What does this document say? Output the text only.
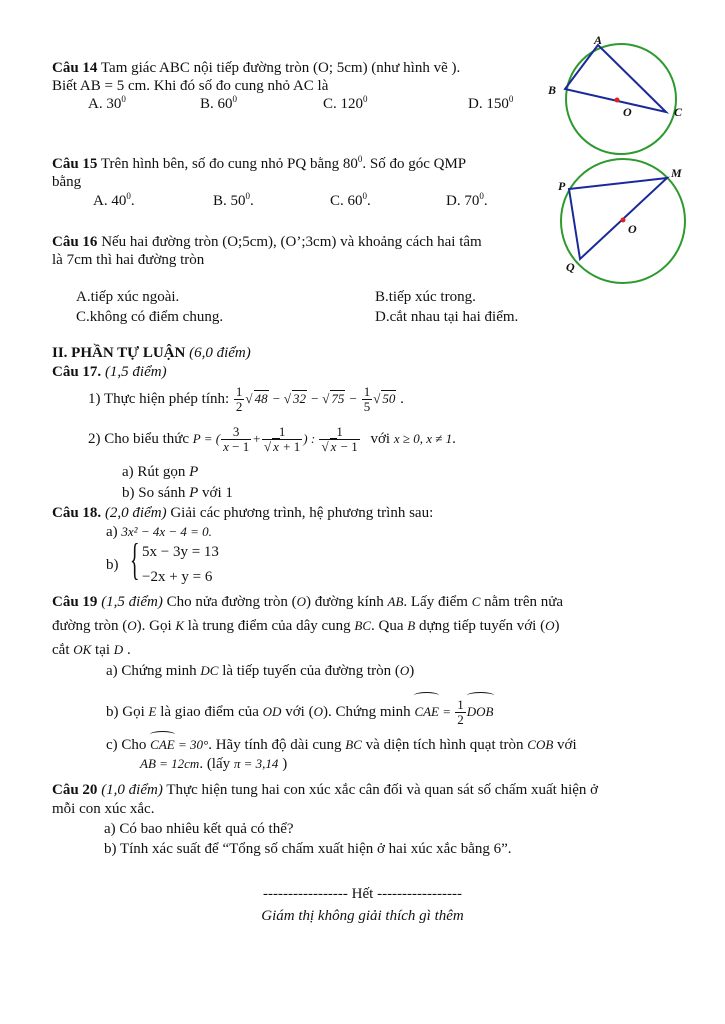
A
B
O	C
P
M
O
Q
Câu 14 Tam giác ABC nội tiếp đường tròn (O; 5cm) (như hình vẽ ).
Biết AB = 5 cm. Khi đó số đo cung nhỏ AC là
A. $30^0$	B. $60^0$	C. $120^0$	D. $150^0$
Câu 15 Trên hình bên, số đo cung nhỏ PQ bằng $80^0$. Số đo góc QMP
bằng
A. $40^0$.	B. $50^0$.	C. $60^0$.	D. $70^0$.
Câu 16 Nếu hai đường tròn (O;5cm), (O’;3cm) và khoảng cách hai tâm
là 7cm thì hai đường tròn
A.tiếp xúc ngoài.	B.tiếp xúc trong.
C.không có điểm chung.	D.cắt nhau tại hai điểm.
II. PHẦN TỰ LUẬN (6,0 điểm)
Câu 17. (1,5 điểm)
1) Thực hiện phép tính: $\frac{1}{2}$ √ 48 − √ 32 − √ $75 - \frac{1}{5}$ √ 50 .
2) Cho biểu thức P = ( $\frac{3}{x - 1} + \frac{1}{√ x + 1}$ ) : $\frac{1}{√ x - 1}$ với x ≥ 0, x ≠ 1.
a) Rút gọn P
b) So sánh P với 1
Câu 18. (2,0 điểm) Giải các phương trình, hệ phương trình sau:
a) 3x² − 4x − 4 = 0.
b) { 5x − 3y = 13
−2x + y = 6
Câu 19 (1,5 điểm) Cho nửa đường tròn (O) đường kính AB. Lấy điểm C nằm trên nửa
đường tròn (O). Gọi K là trung điểm của dây cung BC. Qua B dựng tiếp tuyến với (O)
cắt OK tại D .
a) Chứng minh DC là tiếp tuyến của đường tròn (O)
b) Gọi E là giao điểm của OD với (O). Chứng minh CAE = $\frac{1}{2}$ DOB
c) Cho CAE = 30°. Hãy tính độ dài cung BC và diện tích hình quạt tròn COB với
AB = 12cm. (lấy π = 3,14 )
Câu 20 (1,0 điểm) Thực hiện tung hai con xúc xắc cân đối và quan sát số chấm xuất hiện ở
mỗi con xúc xắc.
a) Có bao nhiêu kết quả có thể?
b) Tính xác suất để “Tổng số chấm xuất hiện ở hai xúc xắc bằng 6”.
----------------- Hết -----------------
Giám thị không giải thích gì thêm
